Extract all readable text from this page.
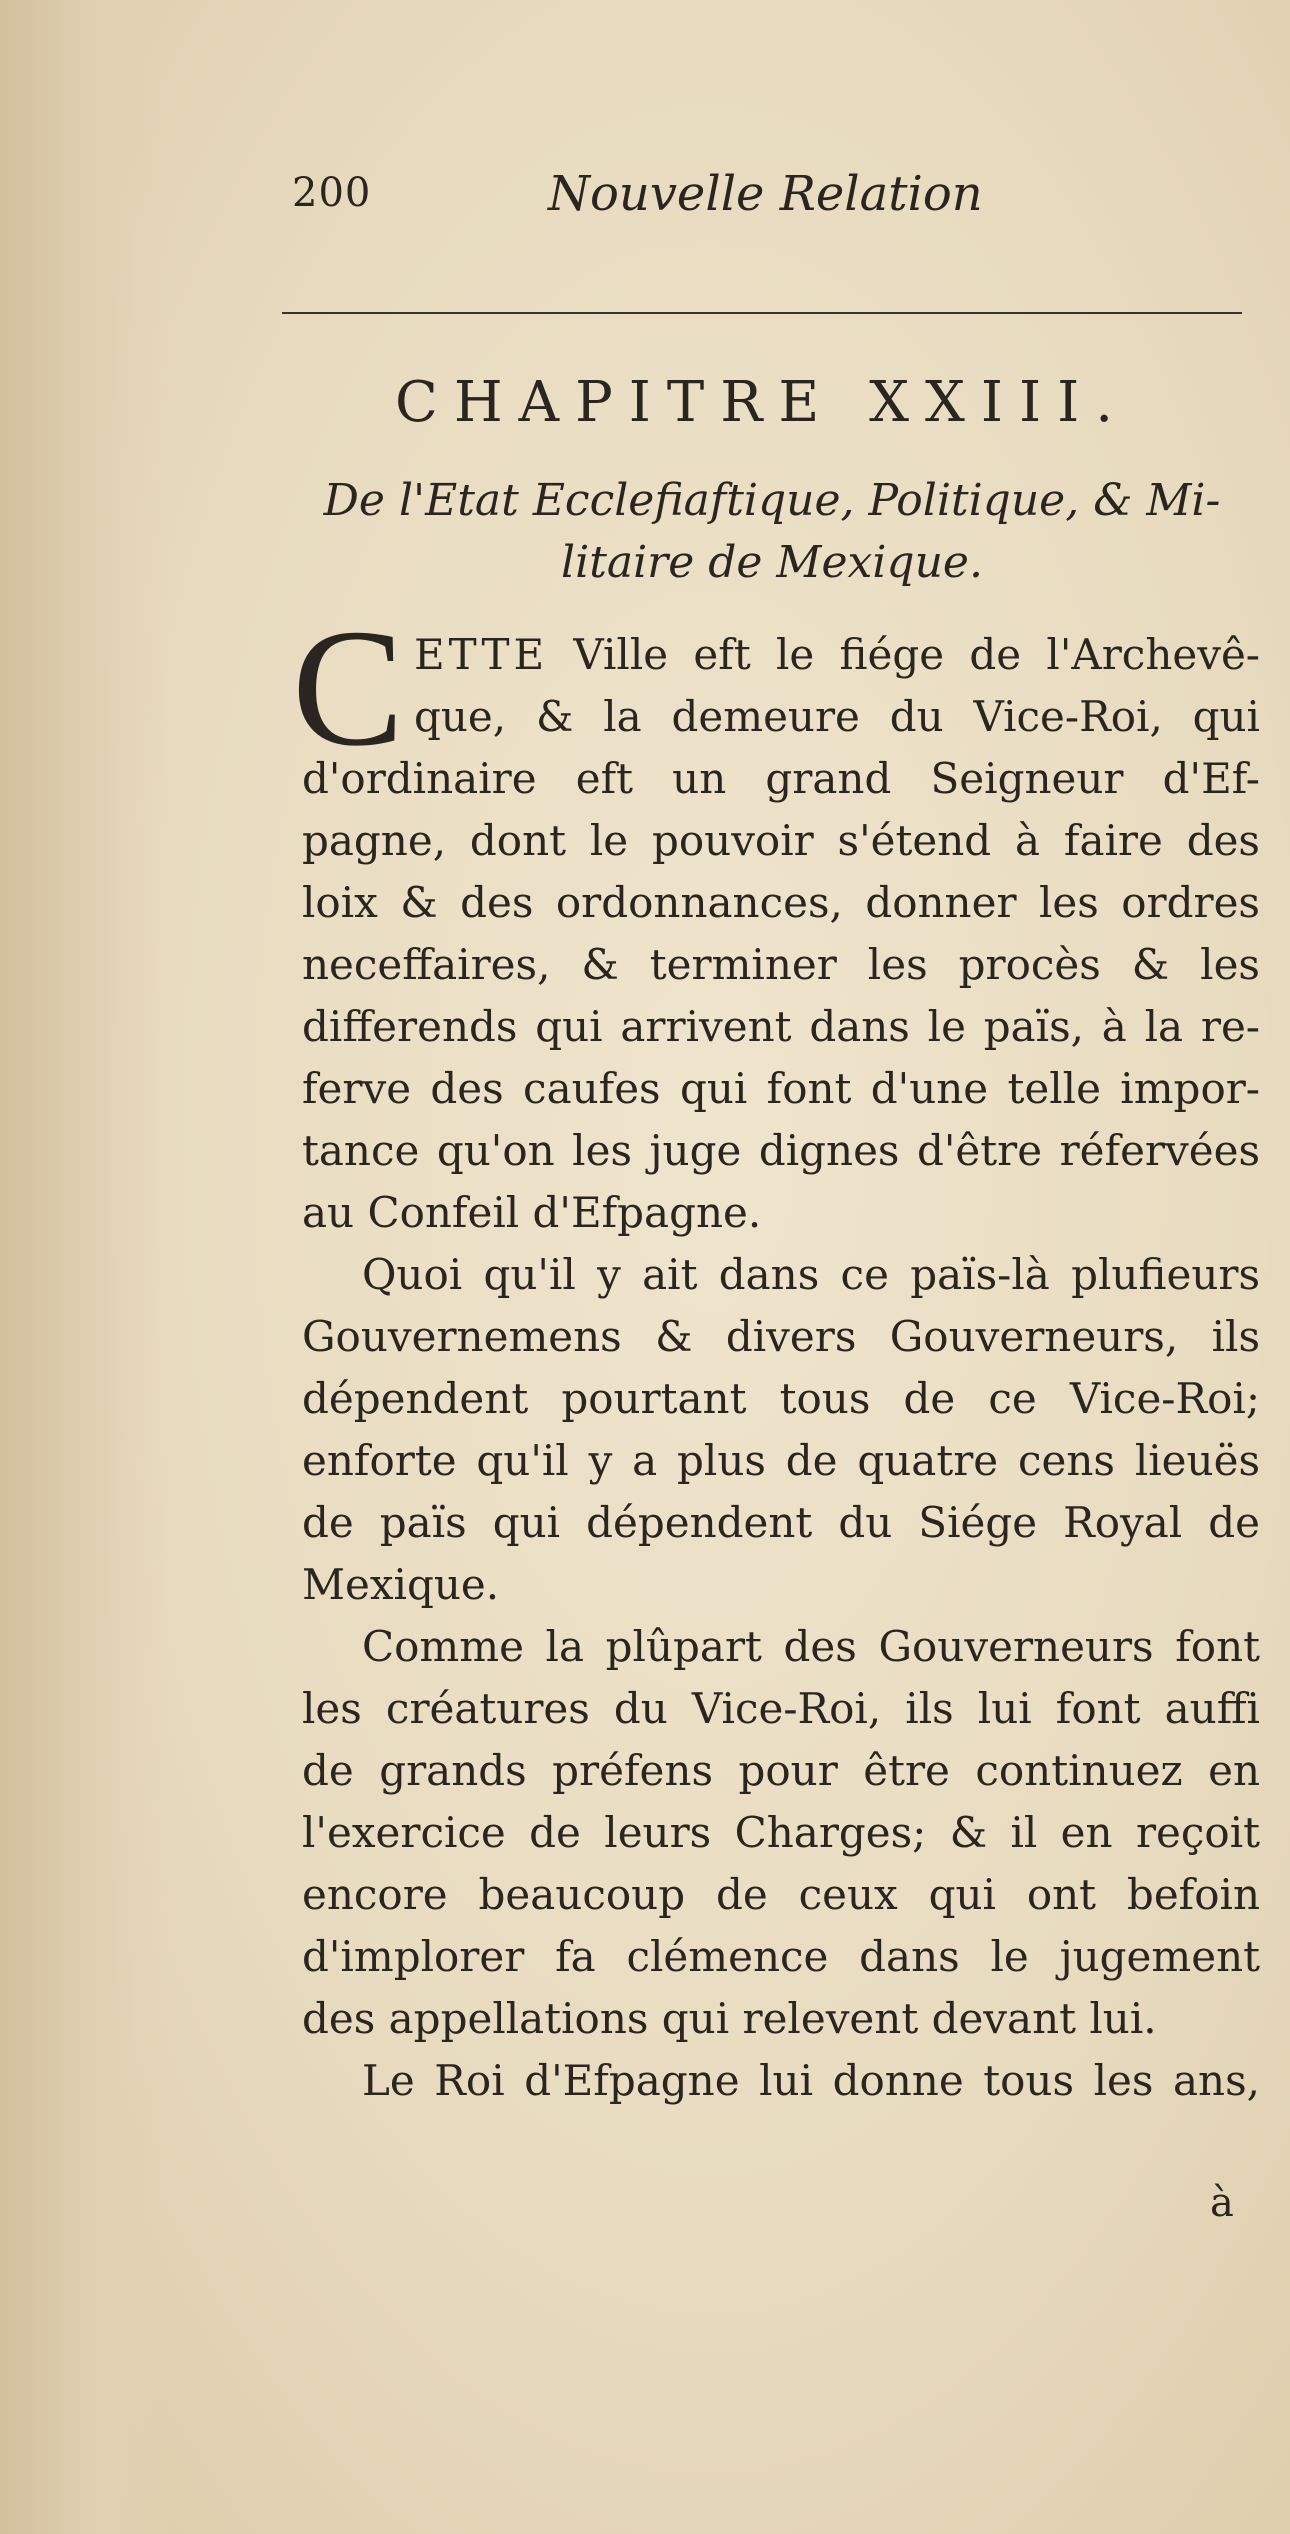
200	Nouvelle Relation
CHAPITRE XXIII.
De l'Etat Ecclefiaftique, Politique, & Mi-
litaire de Mexique.
C ETTE Ville eft le fiége de l'Archevê-
que, & la demeure du Vice-Roi, qui
d'ordinaire eft un grand Seigneur d'Ef-
pagne, dont le pouvoir s'étend à faire des
loix & des ordonnances, donner les ordres
neceffaires, & terminer les procès & les
differends qui arrivent dans le païs, à la re-
ferve des caufes qui font d'une telle impor-
tance qu'on les juge dignes d'être réfervées
au Confeil d'Efpagne.
Quoi qu'il y ait dans ce païs-là plufieurs
Gouvernemens & divers Gouverneurs, ils
dépendent pourtant tous de ce Vice-Roi;
enforte qu'il y a plus de quatre cens lieuës
de païs qui dépendent du Siége Royal de
Mexique.
Comme la plûpart des Gouverneurs font
les créatures du Vice-Roi, ils lui font auffi
de grands préfens pour être continuez en
l'exercice de leurs Charges; & il en reçoit
encore beaucoup de ceux qui ont befoin
d'implorer fa clémence dans le jugement
des appellations qui relevent devant lui.
Le Roi d'Efpagne lui donne tous les ans,
à
